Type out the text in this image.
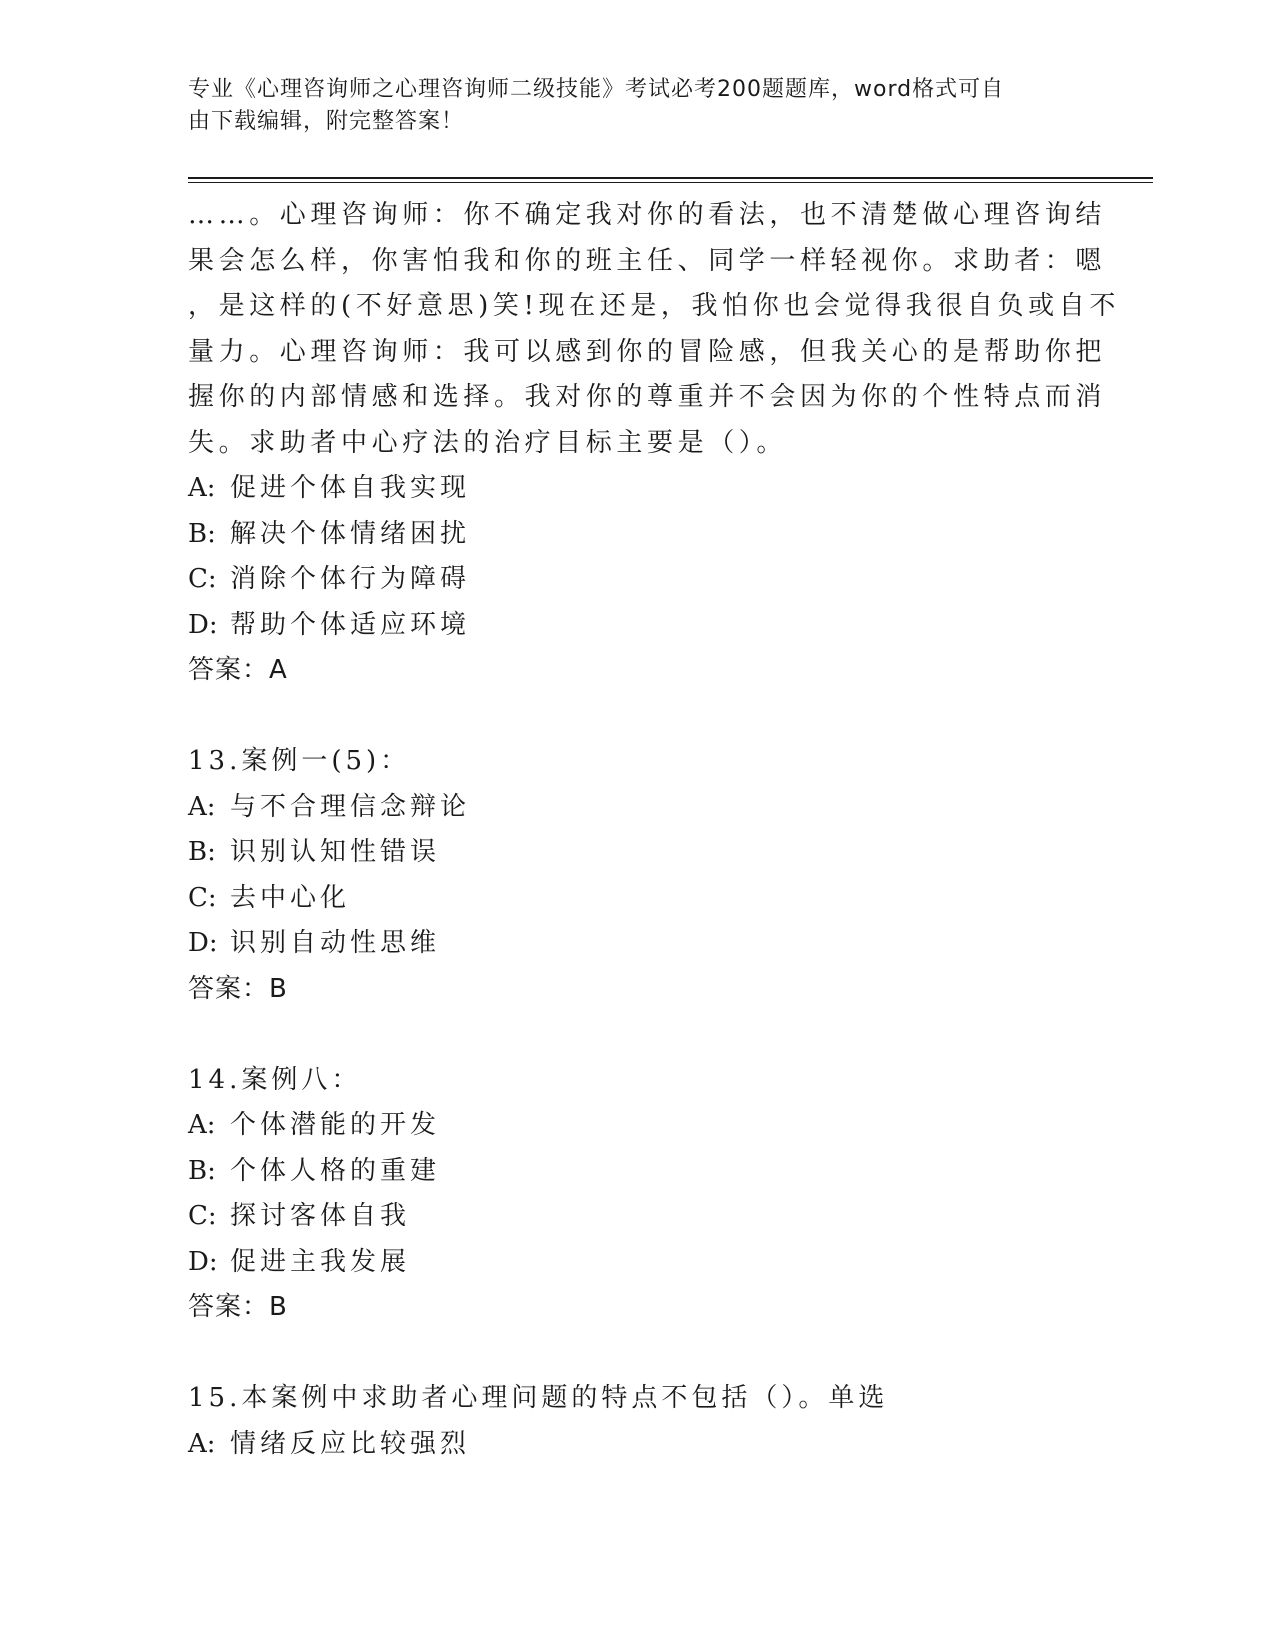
专业《心理咨询师之心理咨询师二级技能》考试必考200题题库，word格式可自
由下载编辑，附完整答案！
……。心理咨询师：你不确定我对你的看法，也不清楚做心理咨询结
果会怎么样，你害怕我和你的班主任、同学一样轻视你。求助者：嗯
，是这样的(不好意思)笑!现在还是，我怕你也会觉得我很自负或自不
量力。心理咨询师：我可以感到你的冒险感，但我关心的是帮助你把
握你的内部情感和选择。我对你的尊重并不会因为你的个性特点而消
失。求助者中心疗法的治疗目标主要是（）。
A: 促进个体自我实现
B: 解决个体情绪困扰
C: 消除个体行为障碍
D: 帮助个体适应环境
答案：A
13.案例一(5)：
A: 与不合理信念辩论
B: 识别认知性错误
C: 去中心化
D: 识别自动性思维
答案：B
14.案例八：
A: 个体潜能的开发
B: 个体人格的重建
C: 探讨客体自我
D: 促进主我发展
答案：B
15.本案例中求助者心理问题的特点不包括（）。单选
A: 情绪反应比较强烈
